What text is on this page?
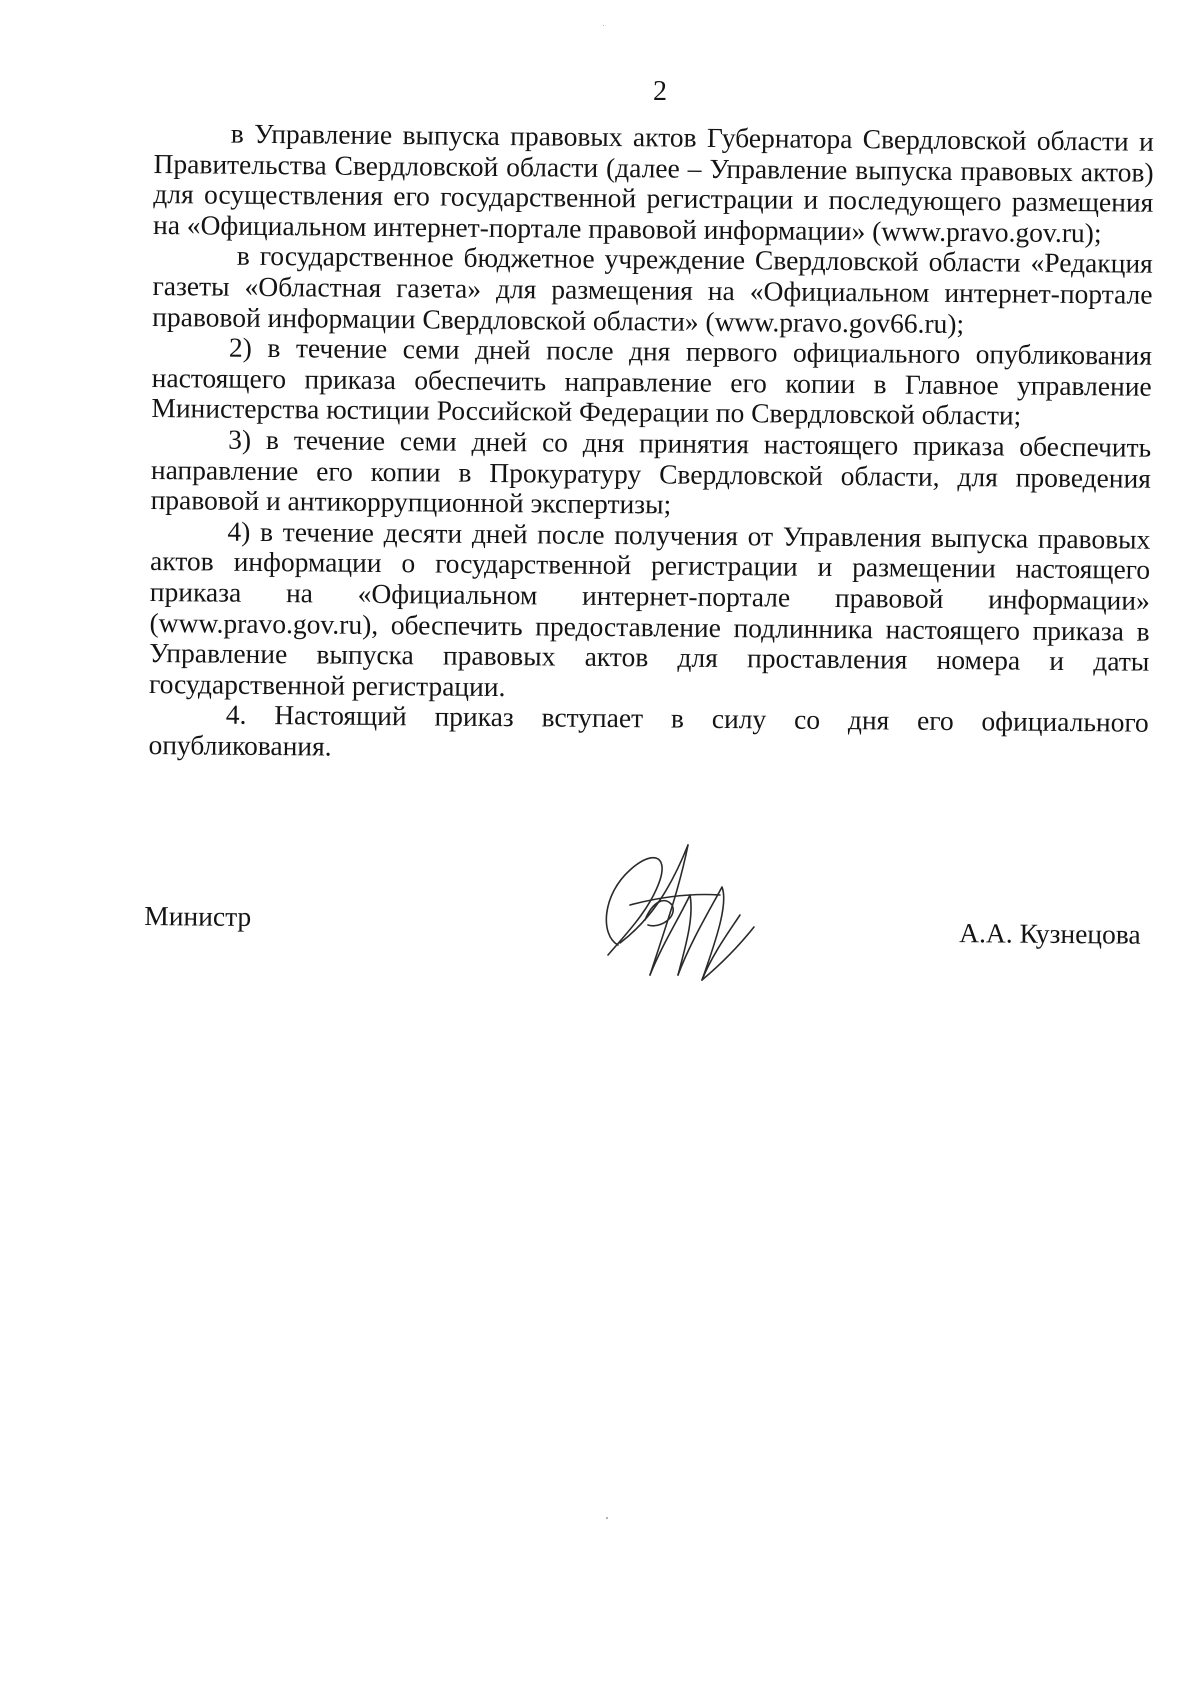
2

в Управление выпуска правовых актов Губернатора Свердловской области и Правительства Свердловской области (далее – Управление выпуска правовых актов) для осуществления его государственной регистрации и последующего размещения на «Официальном интернет-портале правовой информации» (www.pravo.gov.ru);

в государственное бюджетное учреждение Свердловской области «Редакция газеты «Областная газета» для размещения на «Официальном интернет-портале правовой информации Свердловской области» (www.pravo.gov66.ru);

2) в течение семи дней после дня первого официального опубликования настоящего приказа обеспечить направление его копии в Главное управление Министерства юстиции Российской Федерации по Свердловской области;

3) в течение семи дней со дня принятия настоящего приказа обеспечить направление его копии в Прокуратуру Свердловской области, для проведения правовой и антикоррупционной экспертизы;

4) в течение десяти дней после получения от Управления выпуска правовых актов информации о государственной регистрации и размещении настоящего приказа на «Официальном интернет-портале правовой информации» (www.pravo.gov.ru), обеспечить предоставление подлинника настоящего приказа в Управление выпуска правовых актов для проставления номера и даты государственной регистрации.

4. Настоящий приказ вступает в силу со дня его официального опубликования.

Министр
А.А. Кузнецова
